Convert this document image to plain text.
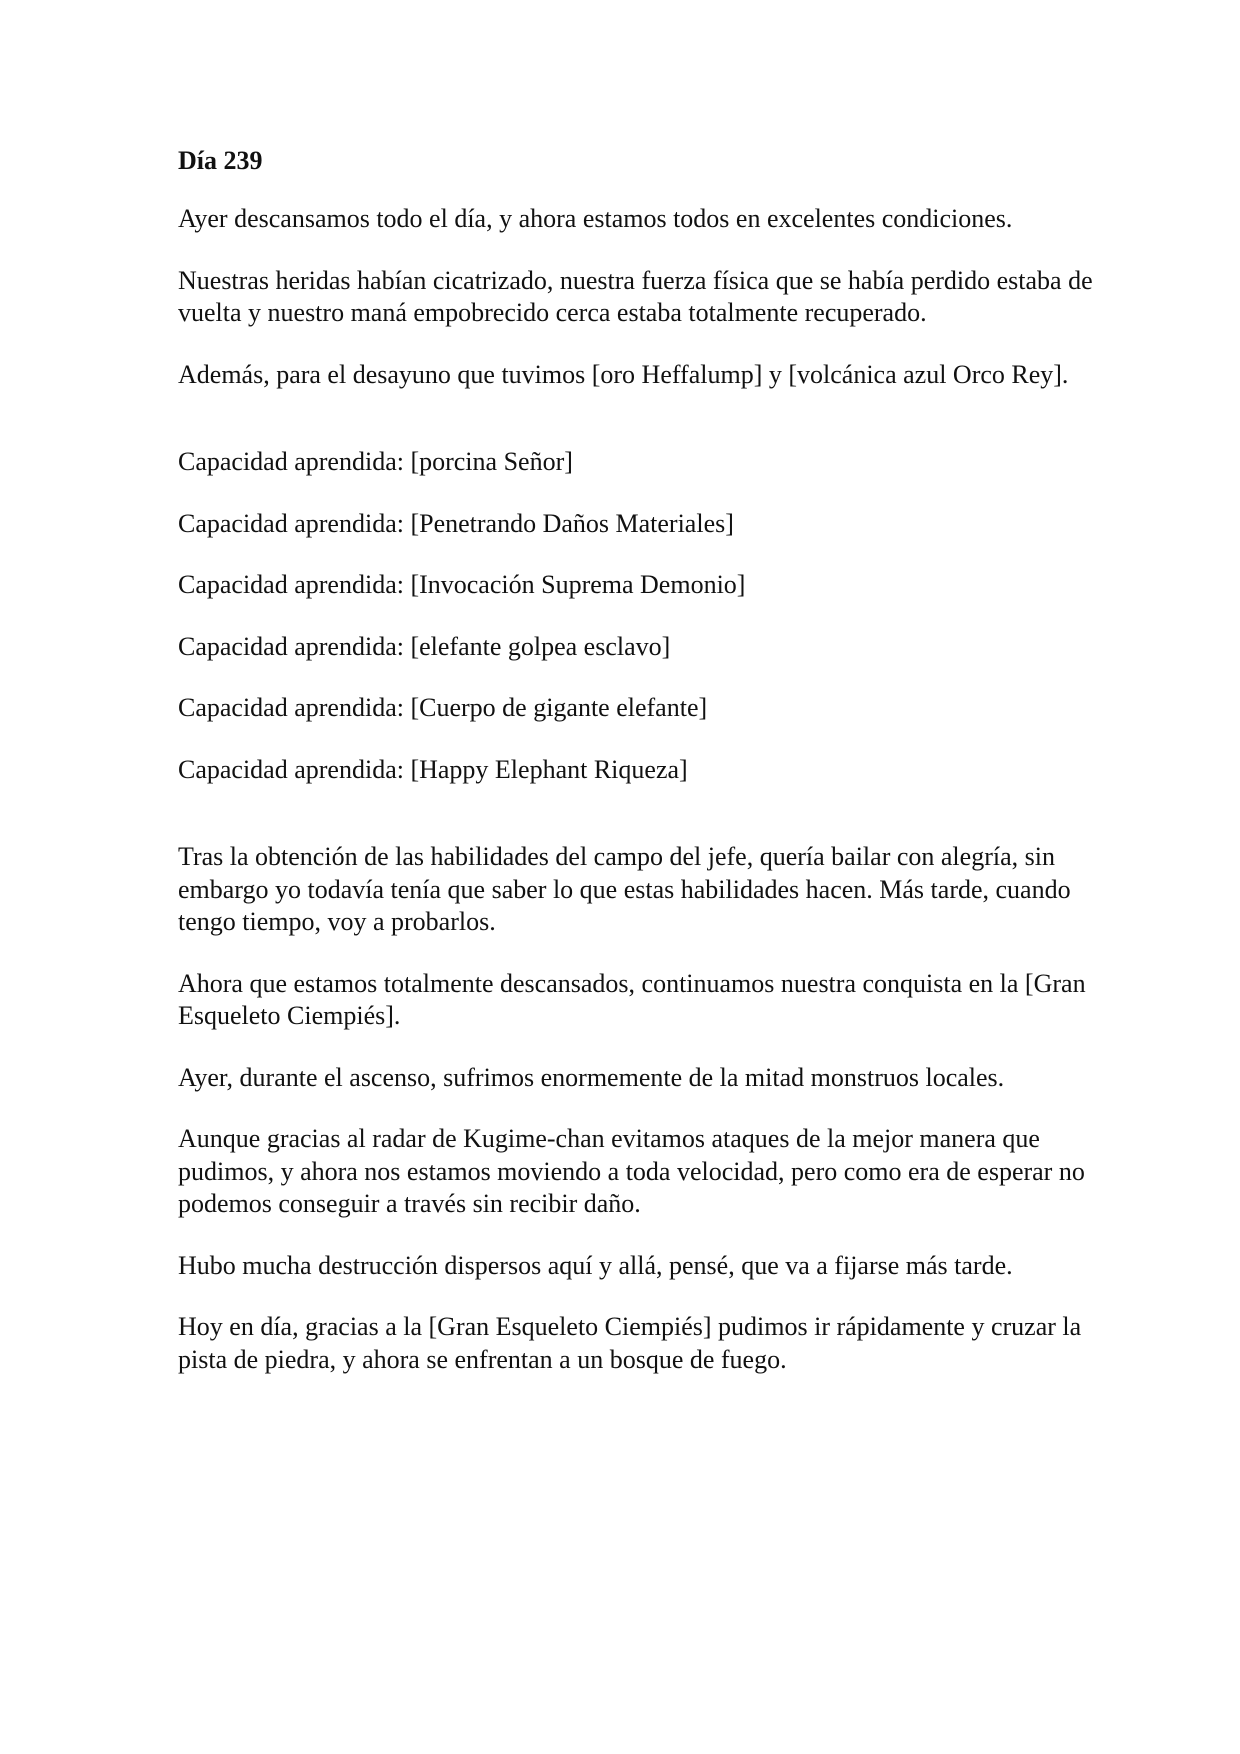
Día 239

Ayer descansamos todo el día, y ahora estamos todos en excelentes condiciones.

Nuestras heridas habían cicatrizado, nuestra fuerza física que se había perdido estaba de vuelta y nuestro maná empobrecido cerca estaba totalmente recuperado.

Además, para el desayuno que tuvimos [oro Heffalump] y [volcánica azul Orco Rey].

Capacidad aprendida: [porcina Señor]
Capacidad aprendida: [Penetrando Daños Materiales]
Capacidad aprendida: [Invocación Suprema Demonio]
Capacidad aprendida: [elefante golpea esclavo]
Capacidad aprendida: [Cuerpo de gigante elefante]
Capacidad aprendida: [Happy Elephant Riqueza]

Tras la obtención de las habilidades del campo del jefe, quería bailar con alegría, sin embargo yo todavía tenía que saber lo que estas habilidades hacen. Más tarde, cuando tengo tiempo, voy a probarlos.

Ahora que estamos totalmente descansados, continuamos nuestra conquista en la [Gran Esqueleto Ciempiés].

Ayer, durante el ascenso, sufrimos enormemente de la mitad monstruos locales.

Aunque gracias al radar de Kugime-chan evitamos ataques de la mejor manera que pudimos, y ahora nos estamos moviendo a toda velocidad, pero como era de esperar no podemos conseguir a través sin recibir daño.

Hubo mucha destrucción dispersos aquí y allá, pensé, que va a fijarse más tarde.

Hoy en día, gracias a la [Gran Esqueleto Ciempiés] pudimos ir rápidamente y cruzar la pista de piedra, y ahora se enfrentan a un bosque de fuego.
